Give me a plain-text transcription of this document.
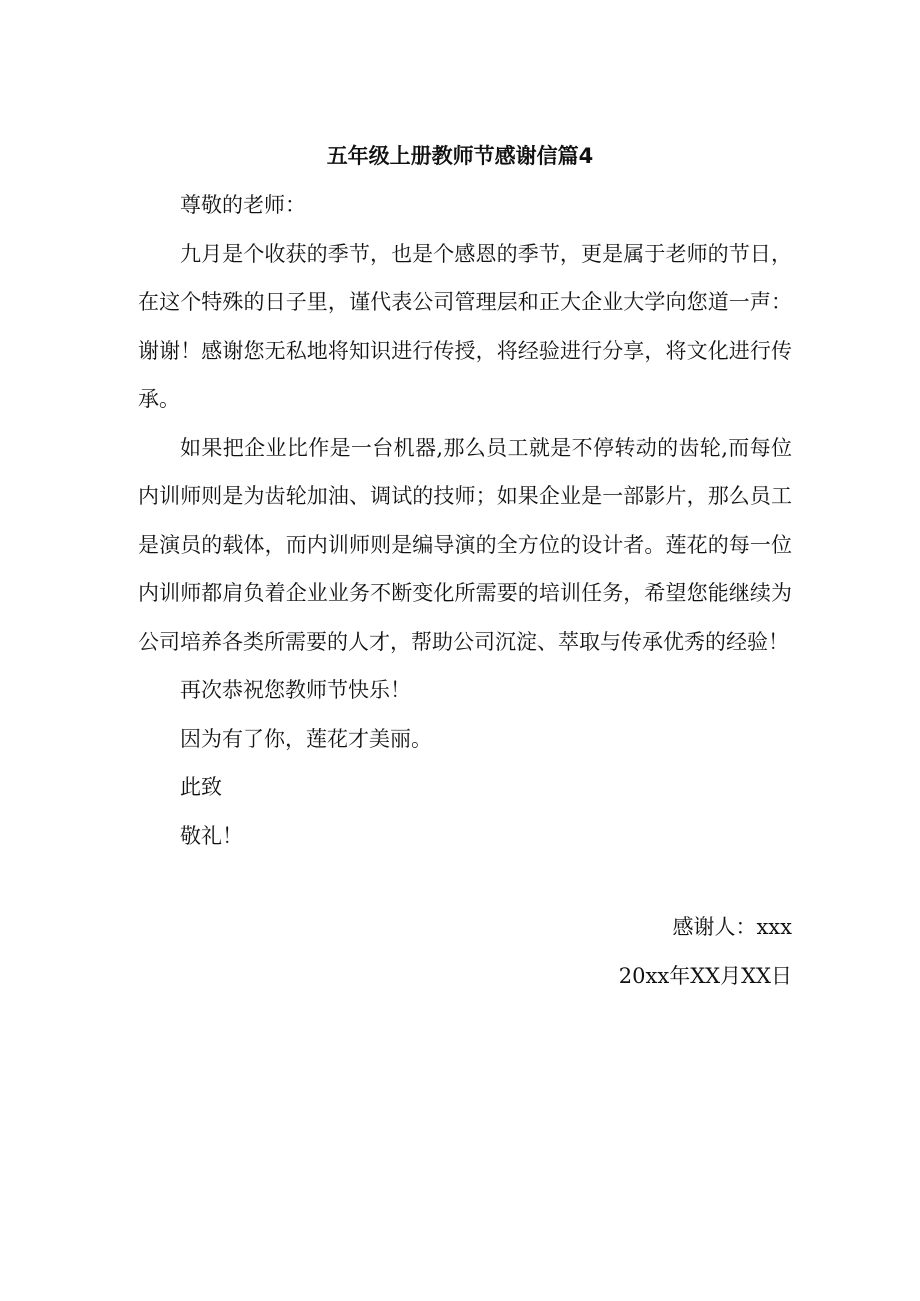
五年级上册教师节感谢信篇4

尊敬的老师：

九月是个收获的季节，也是个感恩的季节，更是属于老师的节日，在这个特殊的日子里，谨代表公司管理层和正大企业大学向您道一声：谢谢！感谢您无私地将知识进行传授，将经验进行分享，将文化进行传承。

如果把企业比作是一台机器,那么员工就是不停转动的齿轮,而每位内训师则是为齿轮加油、调试的技师；如果企业是一部影片，那么员工是演员的载体，而内训师则是编导演的全方位的设计者。莲花的每一位内训师都肩负着企业业务不断变化所需要的培训任务，希望您能继续为公司培养各类所需要的人才，帮助公司沉淀、萃取与传承优秀的经验！

再次恭祝您教师节快乐！

因为有了你，莲花才美丽。

此致

敬礼！

感谢人：xxx
20xx年XX月XX日
